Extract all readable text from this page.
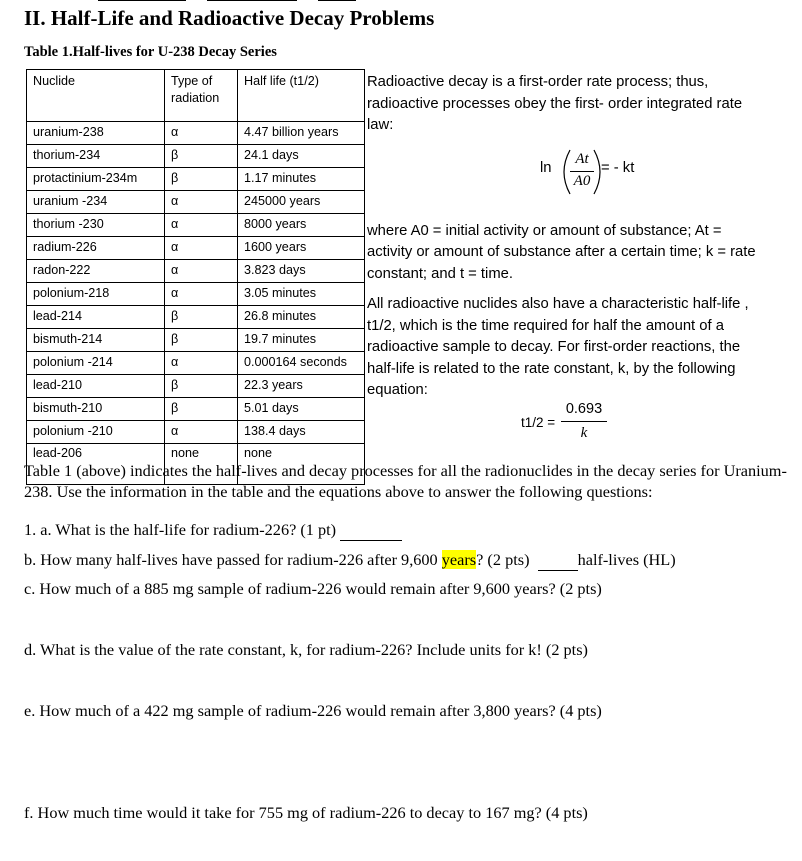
II. Half-Life and Radioactive Decay Problems
Table 1.Half-lives for U-238 Decay Series
Nuclide	Type of radiation	Half life (t1/2)
uranium-238	α	4.47 billion years
thorium-234	β	24.1 days
protactinium-234m	β	1.17 minutes
uranium -234	α	245000 years
thorium -230	α	8000 years
radium-226	α	1600 years
radon-222	α	3.823 days
polonium-218	α	3.05 minutes
lead-214	β	26.8 minutes
bismuth-214	β	19.7 minutes
polonium -214	α	0.000164 seconds
lead-210	β	22.3 years
bismuth-210	β	5.01 days
polonium -210	α	138.4 days
lead-206	none	none

Radioactive decay is a first-order rate process; thus, radioactive processes obey the first- order integrated rate law:

where A0 = initial activity or amount of substance; At = activity or amount of substance after a certain time; k = rate constant; and t = time.

All radioactive nuclides also have a characteristic half-life , t1/2, which is the time required for half the amount of a radioactive sample to decay. For first-order reactions, the half-life is related to the rate constant, k, by the following equation:

ln
At
A0
= - kt
t1/2 =
0.693
k
Table 1 (above) indicates the half-lives and decay processes for all the radionuclides in the decay series for Uranium-238. Use the information in the table and the equations above to answer the following questions:
1. a. What is the half-life for radium-226? (1 pt)
b. How many half-lives have passed for radium-226 after 9,600 years? (2 pts)	half-lives (HL)
c. How much of a 885 mg sample of radium-226 would remain after 9,600 years? (2 pts)
d. What is the value of the rate constant, k, for radium-226? Include units for k! (2 pts)
e. How much of a 422 mg sample of radium-226 would remain after 3,800 years? (4 pts)
f. How much time would it take for 755 mg of radium-226 to decay to 167 mg? (4 pts)
